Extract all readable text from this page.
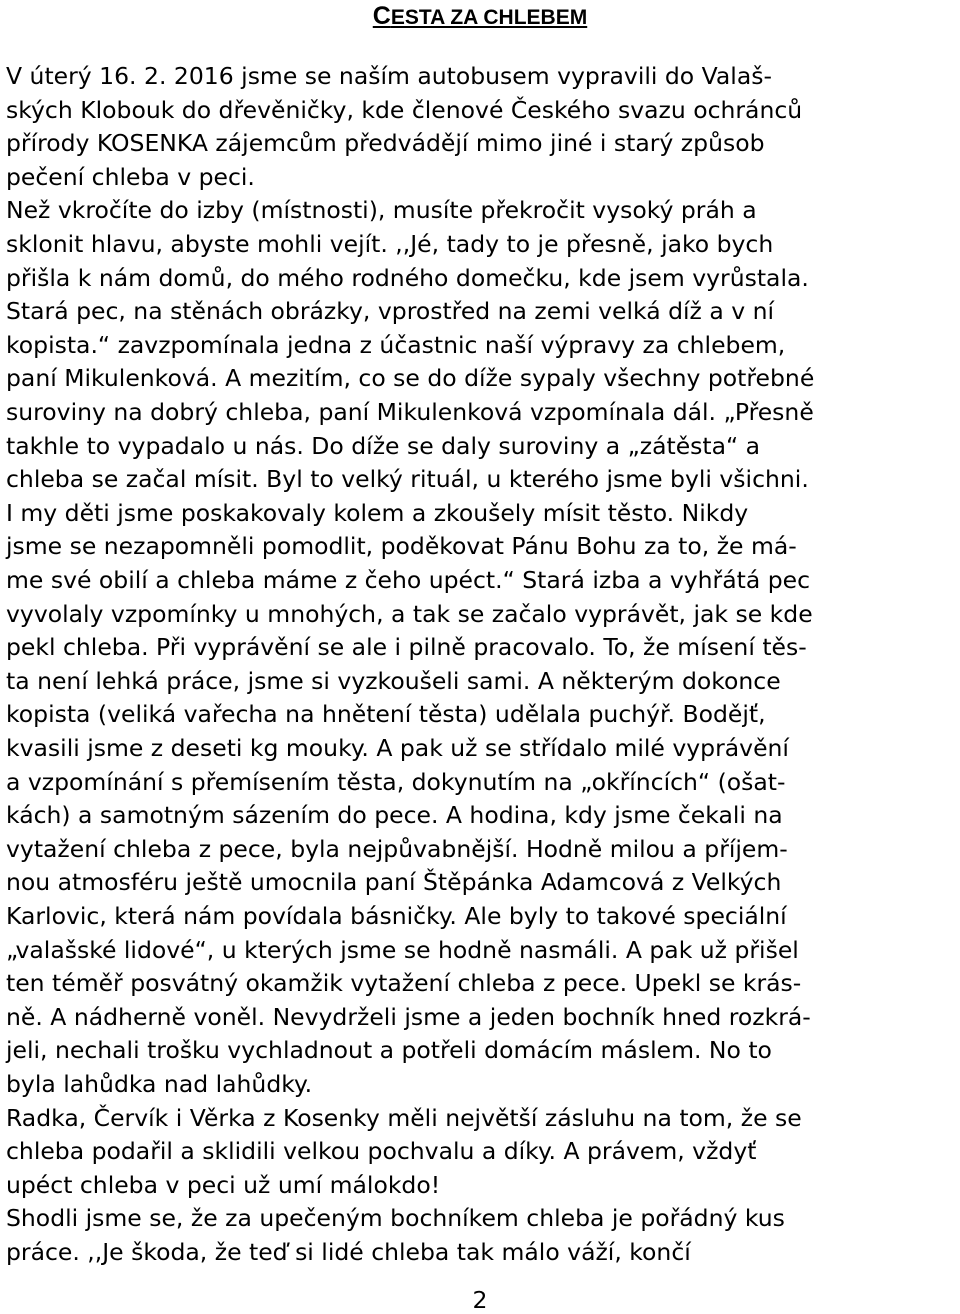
CESTA ZA CHLEBEM
V úterý 16. 2. 2016 jsme se naším autobusem vypravili do Valaš-
ských Klobouk do dřevěničky, kde členové Českého svazu ochránců
přírody KOSENKA zájemcům předvádějí mimo jiné i starý způsob
pečení chleba v peci.
Než vkročíte do izby (místnosti), musíte překročit vysoký práh a
sklonit hlavu, abyste mohli vejít. ,,Jé, tady to je přesně, jako bych
přišla k nám domů, do mého rodného domečku, kde jsem vyrůstala.
Stará pec, na stěnách obrázky, vprostřed na zemi velká díž a v ní
kopista.“ zavzpomínala jedna z účastnic naší výpravy za chlebem,
paní Mikulenková. A mezitím, co se do díže sypaly všechny potřebné
suroviny na dobrý chleba, paní Mikulenková vzpomínala dál. „Přesně
takhle to vypadalo u nás. Do díže se daly suroviny a „zátěsta“ a
chleba se začal mísit. Byl to velký rituál, u kterého jsme byli všichni.
I my děti jsme poskakovaly kolem a zkoušely mísit těsto. Nikdy
jsme se nezapomněli pomodlit, poděkovat Pánu Bohu za to, že má-
me své obilí a chleba máme z čeho upéct.“ Stará izba a vyhřátá pec
vyvolaly vzpomínky u mnohých, a tak se začalo vyprávět, jak se kde
pekl chleba. Při vyprávění se ale i pilně pracovalo. To, že mísení těs-
ta není lehká práce, jsme si vyzkoušeli sami. A některým dokonce
kopista (veliká vařecha na hnětení těsta) udělala puchýř. Bodějť,
kvasili jsme z deseti kg mouky. A pak už se střídalo milé vyprávění
a vzpomínání s přemísením těsta, dokynutím na „okříncích“ (ošat-
kách) a samotným sázením do pece. A hodina, kdy jsme čekali na
vytažení chleba z pece, byla nejpůvabnější. Hodně milou a příjem-
nou atmosféru ještě umocnila paní Štěpánka Adamcová z Velkých
Karlovic, která nám povídala básničky. Ale byly to takové speciální
„valašské lidové“, u kterých jsme se hodně nasmáli. A pak už přišel
ten téměř posvátný okamžik vytažení chleba z pece. Upekl se krás-
ně. A nádherně voněl. Nevydrželi jsme a jeden bochník hned rozkrá-
jeli, nechali trošku vychladnout a potřeli domácím máslem. No to
byla lahůdka nad lahůdky.
Radka, Červík i Věrka z Kosenky měli největší zásluhu na tom, že se
chleba podařil a sklidili velkou pochvalu a díky. A právem, vždyť
upéct chleba v peci už umí málokdo!
Shodli jsme se, že za upečeným bochníkem chleba je pořádný kus
práce. ,,Je škoda, že teď si lidé chleba tak málo váží, končí
2
